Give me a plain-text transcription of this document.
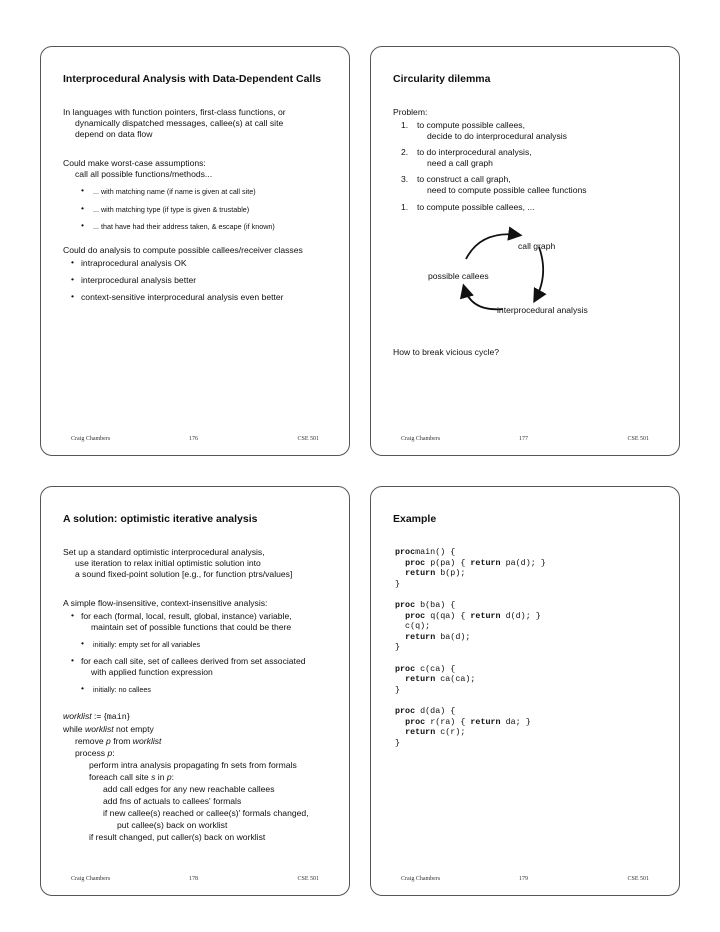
Interprocedural Analysis with Data-Dependent Calls
In languages with function pointers, first-class functions, or
dynamically dispatched messages, callee(s) at call site
depend on data flow
Could make worst-case assumptions:
call all possible functions/methods...
• ... with matching name (if name is given at call site)
• ... with matching type (if type is given & trustable)
• ... that have had their address taken, & escape (if known)
Could do analysis to compute possible callees/receiver classes
• intraprocedural analysis OK
• interprocedural analysis better
• context-sensitive interprocedural analysis even better
Craig Chambers	176	CSE 501
Circularity dilemma
Problem:
1. to compute possible callees,
decide to do interprocedural analysis
2. to do interprocedural analysis,
need a call graph
3. to construct a call graph,
need to compute possible callee functions
1. to compute possible callees, ...
call graph
possible callees
interprocedural analysis
How to break vicious cycle?
Craig Chambers	177	CSE 501
A solution: optimistic iterative analysis
Set up a standard optimistic interprocedural analysis,
use iteration to relax initial optimistic solution into
a sound fixed-point solution [e.g., for function ptrs/values]
A simple flow-insensitive, context-insensitive analysis:
• for each (formal, local, result, global, instance) variable,
maintain set of possible functions that could be there
• initially: empty set for all variables
• for each call site, set of callees derived from set associated
with applied function expression
• initially: no callees
worklist := {main}
while worklist not empty
remove p from worklist
process p:
perform intra analysis propagating fn sets from formals
foreach call site s in p:
add call edges for any new reachable callees
add fns of actuals to callees' formals
if new callee(s) reached or callee(s)' formals changed,
put callee(s) back on worklist
if result changed, put caller(s) back on worklist
Craig Chambers	178	CSE 501
Example
procmain() {
proc p(pa) { return pa(d); }
return b(p);
}

proc b(ba) {
proc q(qa) { return d(d); }
c(q);
return ba(d);
}

proc c(ca) {
return ca(ca);
}

proc d(da) {
proc r(ra) { return da; }
return c(r);
}
Craig Chambers	179	CSE 501
